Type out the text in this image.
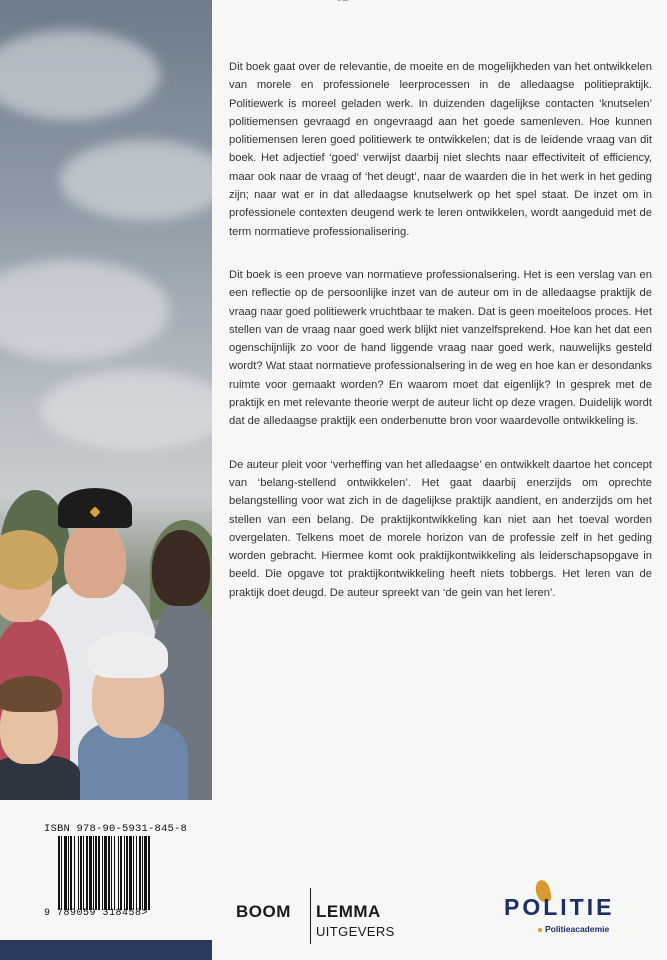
‾ ‾‾

Dit boek gaat over de relevantie, de moeite en de mogelijkheden van het ontwikkelen van morele en professionele leerprocessen in de alledaagse politiepraktijk. Politiewerk is moreel geladen werk. In duizenden dagelijkse contacten ‘knutselen’ politiemensen gevraagd en ongevraagd aan het goede samenleven. Hoe kunnen politiemensen leren goed politiewerk te ontwikkelen; dat is de leidende vraag van dit boek. Het adjectief ‘goed’ verwijst daarbij niet slechts naar effectiviteit of efficiency, maar ook naar de vraag of ‘het deugt’, naar de waarden die in het werk in het geding zijn; naar wat er in dat alledaagse knutselwerk op het spel staat. De inzet om in professionele contexten deugend werk te leren ontwikkelen, wordt aangeduid met de term normatieve professionalisering.

Dit boek is een proeve van normatieve professionalsering. Het is een verslag van en een reflectie op de persoonlijke inzet van de auteur om in de alledaagse praktijk de vraag naar goed politiewerk vruchtbaar te maken. Dat is geen moeiteloos proces. Het stellen van de vraag naar goed werk blijkt niet vanzelfsprekend. Hoe kan het dat een ogenschijnlijk zo voor de hand liggende vraag naar goed werk, nauwelijks gesteld wordt? Wat staat normatieve professionalsering in de weg en hoe kan er desondanks ruimte voor gemaakt worden? En waarom moet dat eigenlijk? In gesprek met de praktijk en met relevante theorie werpt de auteur licht op deze vragen. Duidelijk wordt dat de alledaagse praktijk een onderbenutte bron voor waardevolle ontwikkeling is.

De auteur pleit voor ‘verheffing van het alledaagse’ en ontwikkelt daartoe het concept van ‘belang-stellend ontwikkelen’. Het gaat daarbij enerzijds om oprechte belangstelling voor wat zich in de dagelijkse praktijk aandient, en anderzijds om het stellen van een belang. De praktijkontwikkeling kan niet aan het toeval worden overgelaten. Telkens moet de morele horizon van de professie zelf in het geding worden gebracht. Hiermee komt ook praktijkontwikkeling als leiderschapsopgave in beeld. Die opgave tot praktijkontwikkeling heeft niets tobbergs. Het leren van de praktijk doet deugd. De auteur spreekt van ‘de gein van het leren’.

ISBN 978-90-5931-845-8
9 789059 318458>	BOOM LEMMA
UITGEVERS
POLITIE
Politieacademie
